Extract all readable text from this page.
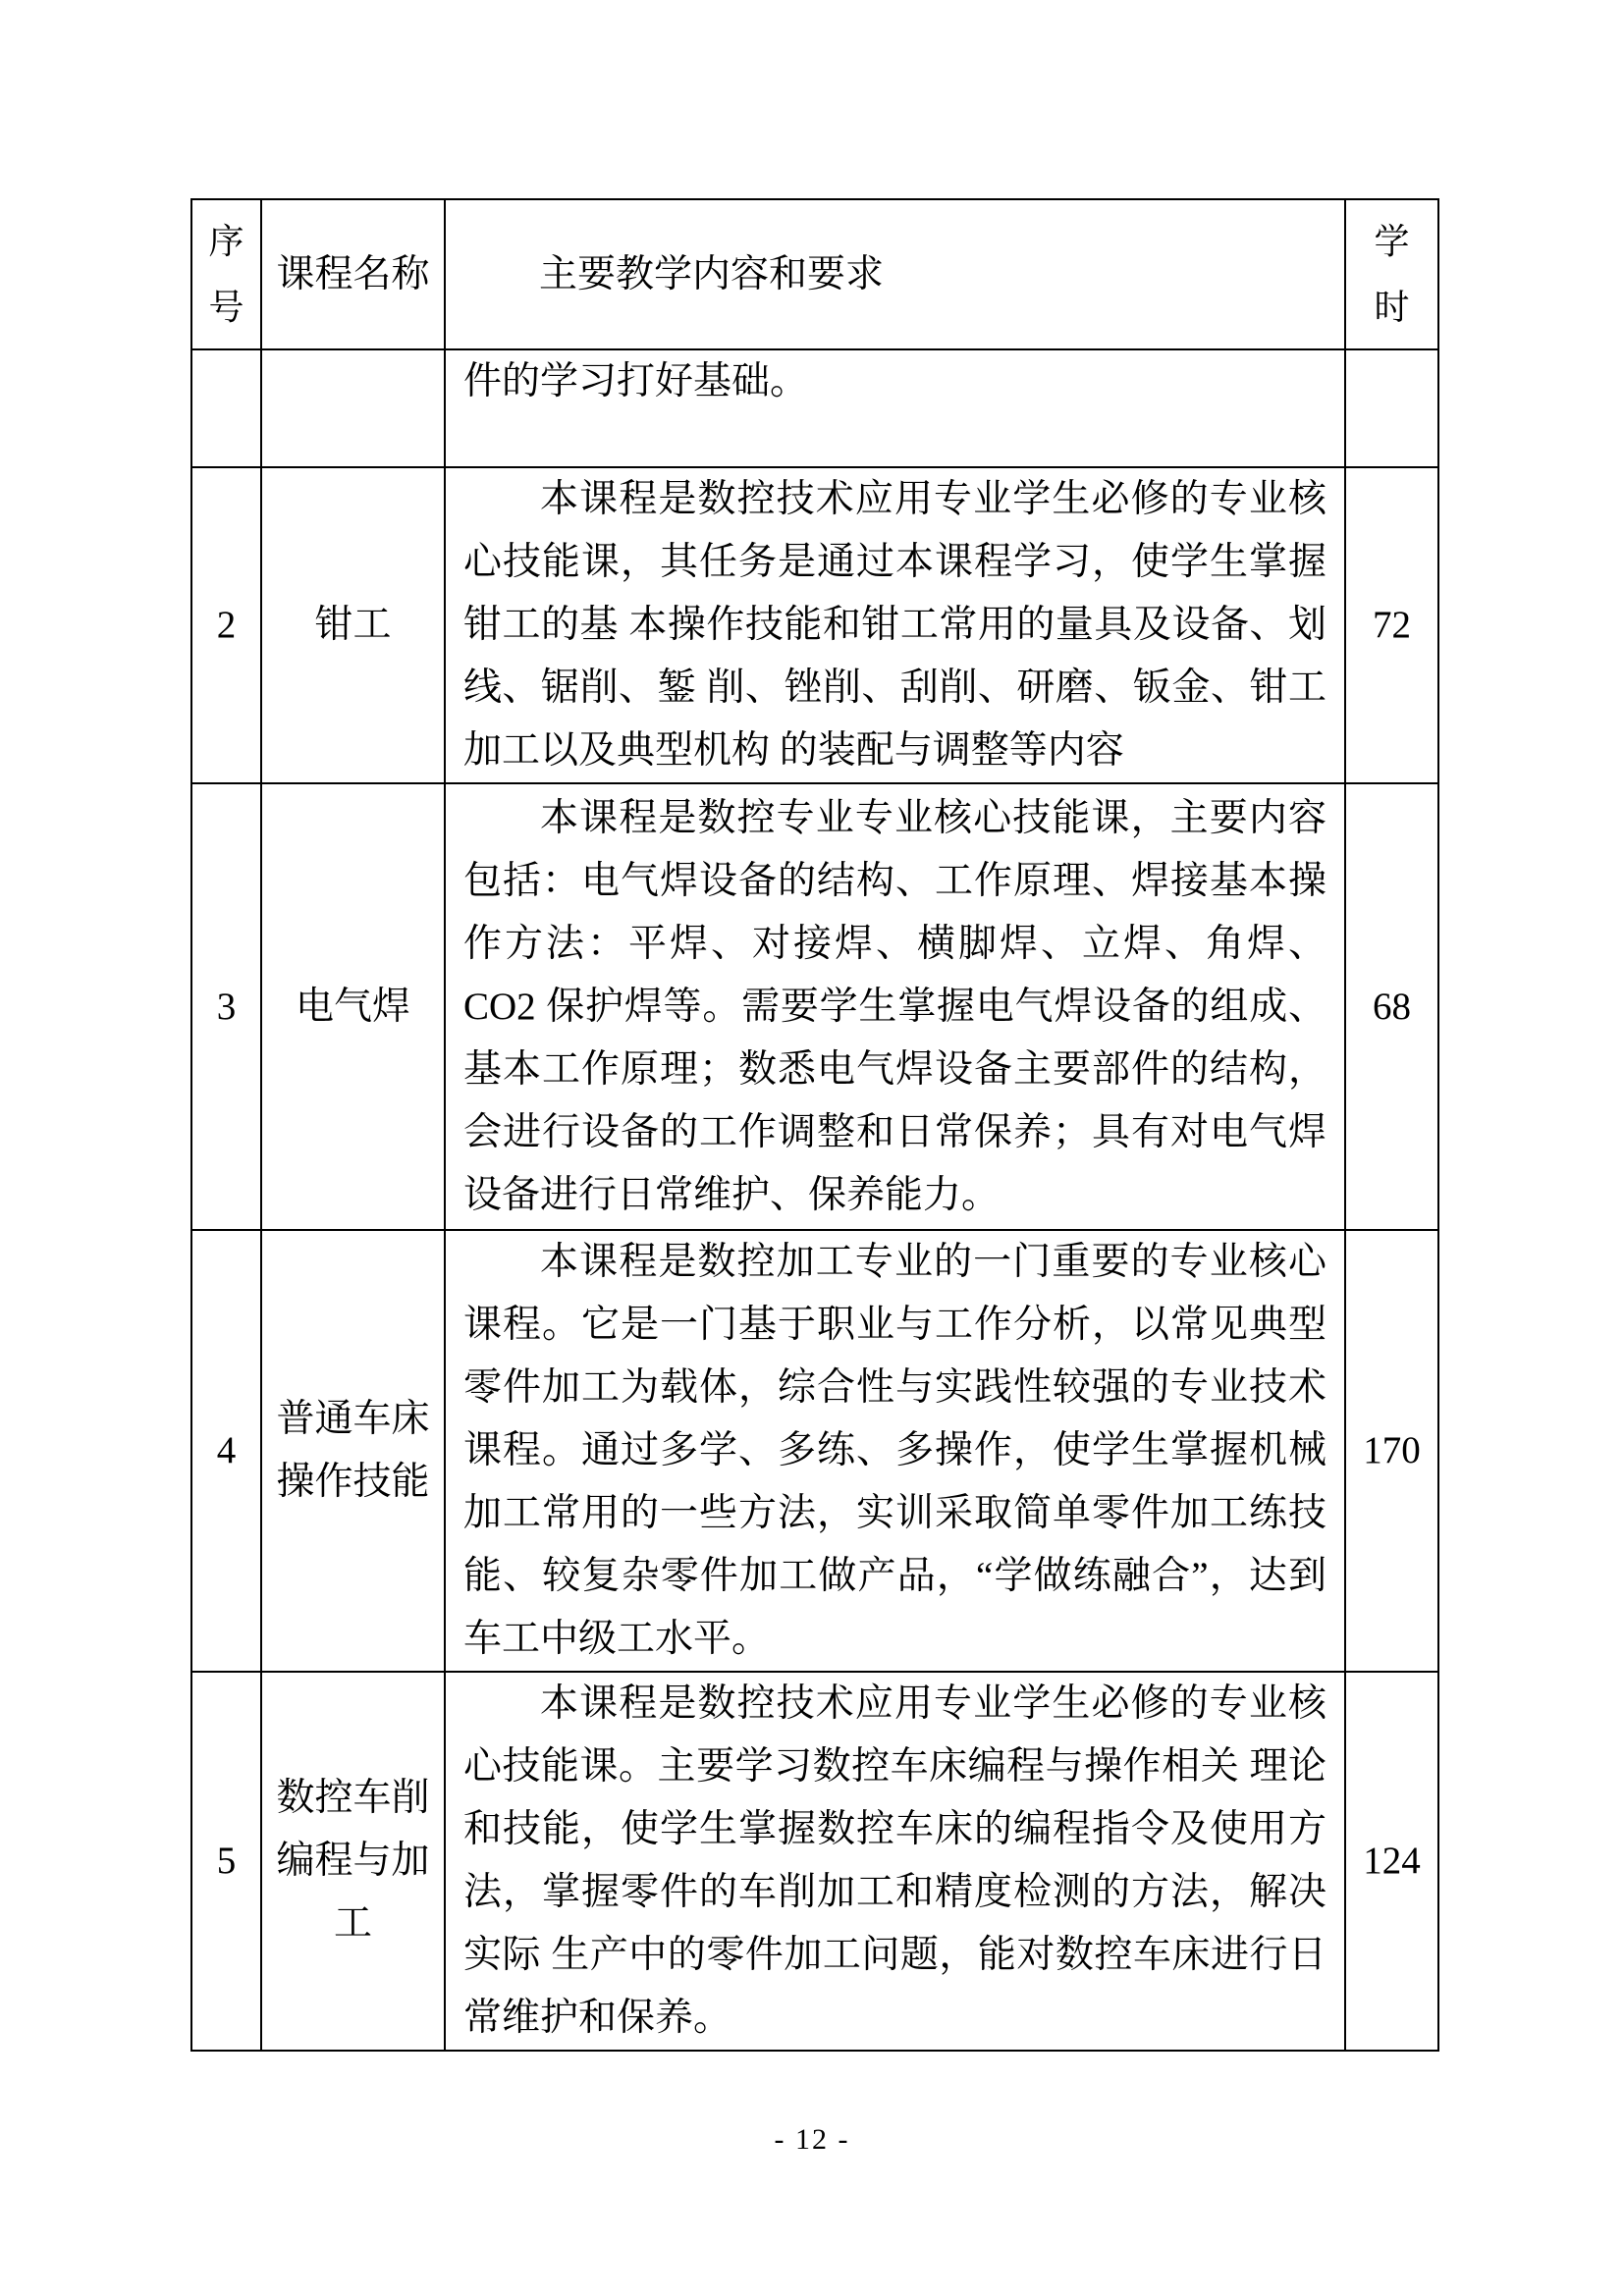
序号	课程名称	主要教学内容和要求	学时
		件的学习打好基础。	
2	钳工	本课程是数控技术应用专业学生必修的专业核心技能课，其任务是通过本课程学习，使学生掌握钳工的基 本操作技能和钳工常用的量具及设备、划线、锯削、錾 削、锉削、刮削、研磨、钣金、钳工加工以及典型机构 的装配与调整等内容	72
3	电气焊	本课程是数控专业专业核心技能课，主要内容包括：电气焊设备的结构、工作原理、焊接基本操作方法：平焊、对接焊、横脚焊、立焊、角焊、CO2 保护焊等。需要学生掌握电气焊设备的组成、基本工作原理；数悉电气焊设备主要部件的结构，会进行设备的工作调整和日常保养；具有对电气焊设备进行日常维护、保养能力。	68
4	普通车床操作技能	本课程是数控加工专业的一门重要的专业核心课程。它是一门基于职业与工作分析，以常见典型零件加工为载体，综合性与实践性较强的专业技术课程。通过多学、多练、多操作，使学生掌握机械加工常用的一些方法，实训采取简单零件加工练技能、较复杂零件加工做产品，“学做练融合”，达到车工中级工水平。	170
5	数控车削编程与加工	本课程是数控技术应用专业学生必修的专业核心技能课。主要学习数控车床编程与操作相关 理论和技能，使学生掌握数控车床的编程指令及使用方法，掌握零件的车削加工和精度检测的方法，解决实际 生产中的零件加工问题，能对数控车床进行日常维护和保养。	124
- 12 -
